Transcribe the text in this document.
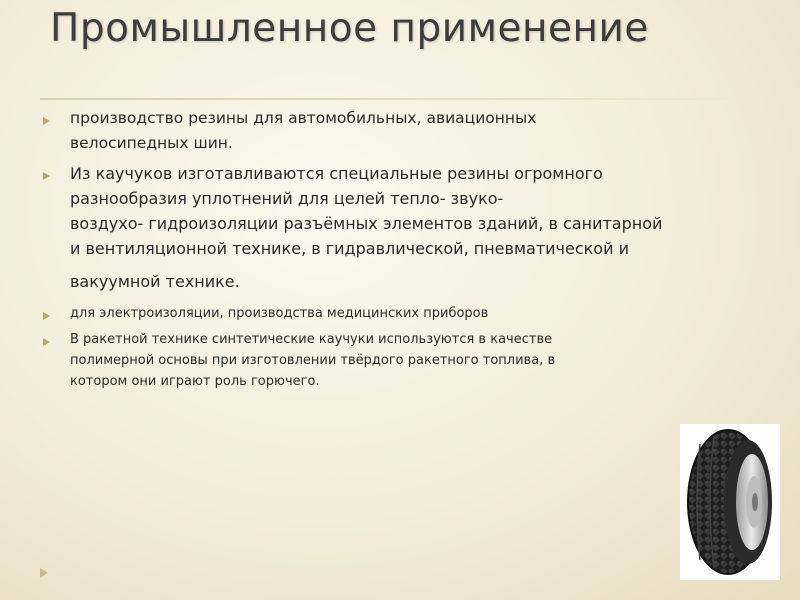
Промышленное применение
производство резины для автомобильных, авиационных
велосипедных шин.
Из каучуков изготавливаются специальные резины огромного
разнообразия уплотнений для целей тепло- звуко-
воздухо- гидроизоляции разъёмных элементов зданий, в санитарной
и вентиляционной технике, в гидравлической, пневматической и
вакуумной технике.
для электроизоляции, производства медицинских приборов
В ракетной технике синтетические каучуки используются в качестве
полимерной основы при изготовлении твёрдого ракетного топлива, в
котором они играют роль горючего.
